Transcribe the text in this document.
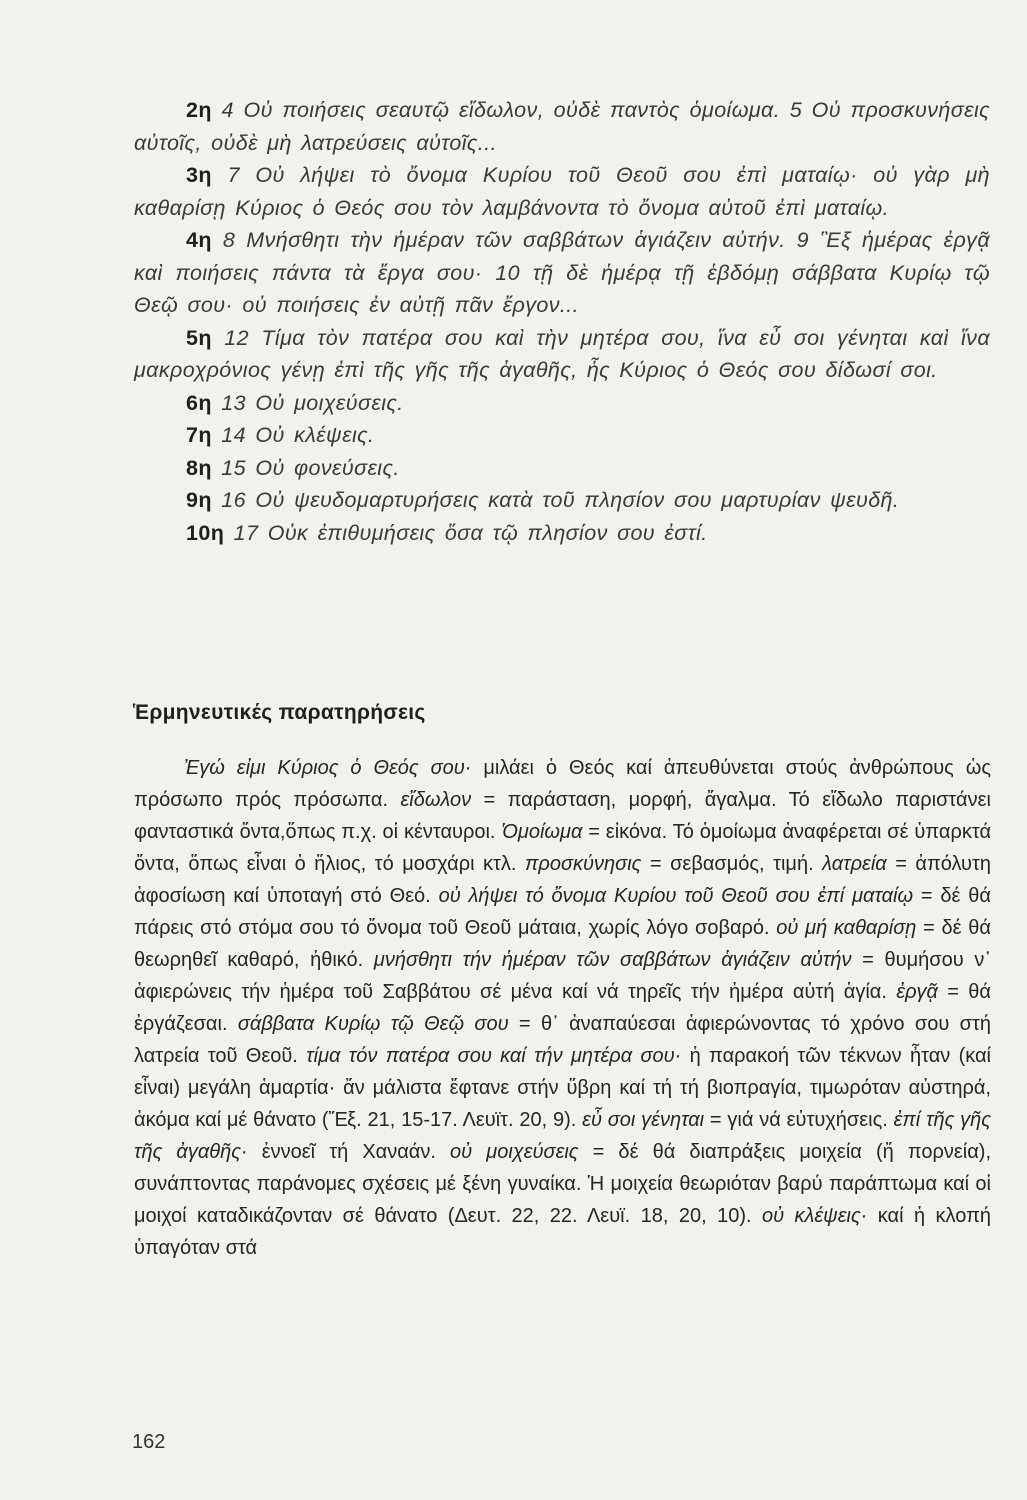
2η 4 Οὐ ποιήσεις σεαυτῷ εἴδωλον, οὐδὲ παντὸς ὁμοίωμα. 5 Οὐ προσκυνήσεις αὐτοῖς, οὐδὲ μὴ λατρεύσεις αὐτοῖς...

3η 7 Οὐ λήψει τὸ ὄνομα Κυρίου τοῦ Θεοῦ σου ἐπὶ ματαίῳ· οὐ γὰρ μὴ καθαρίσῃ Κύριος ὁ Θεός σου τὸν λαμβάνοντα τὸ ὄνομα αὐτοῦ ἐπὶ ματαίῳ.

4η 8 Μνήσθητι τὴν ἡμέραν τῶν σαββάτων ἁγιάζειν αὐτήν. 9 Ἓξ ἡμέρας ἐργᾷ καὶ ποιήσεις πάντα τὰ ἔργα σου· 10 τῇ δὲ ἡμέρᾳ τῇ ἑβδόμῃ σάββατα Κυρίῳ τῷ Θεῷ σου· οὐ ποιήσεις ἐν αὐτῇ πᾶν ἔργον...

5η 12 Τίμα τὸν πατέρα σου καὶ τὴν μητέρα σου, ἵνα εὖ σοι γένηται καὶ ἵνα μακροχρόνιος γένῃ ἐπὶ τῆς γῆς τῆς ἀγαθῆς, ἧς Κύριος ὁ Θεός σου δίδωσί σοι.

6η 13 Οὐ μοιχεύσεις.

7η 14 Οὐ κλέψεις.

8η 15 Οὐ φονεύσεις.

9η 16 Οὐ ψευδομαρτυρήσεις κατὰ τοῦ πλησίον σου μαρτυρίαν ψευδῆ.

10η 17 Οὐκ ἐπιθυμήσεις ὅσα τῷ πλησίον σου ἐστί.

Ἑρμηνευτικές παρατηρήσεις

Ἐγώ εἰμι Κύριος ὁ Θεός σου· μιλάει ὁ Θεός καί ἀπευθύνεται στούς ἀνθρώπους ὡς πρόσωπο πρός πρόσωπα. εἴδωλον = παράσταση, μορφή, ἄγαλμα. Τό εἴδωλο παριστάνει φανταστικά ὄντα,ὅπως π.χ. οἱ κένταυροι. Ὁμοίωμα = εἰκόνα. Τό ὁμοίωμα ἀναφέρεται σέ ὑπαρκτά ὄντα, ὅπως εἶναι ὁ ἥλιος, τό μοσχάρι κτλ. προσκύνησις = σεβασμός, τιμή. λατρεία = ἀπόλυτη ἀφοσίωση καί ὑποταγή στό Θεό. οὐ λήψει τό ὄνομα Κυρίου τοῦ Θεοῦ σου ἐπί ματαίῳ = δέ θά πάρεις στό στόμα σου τό ὄνομα τοῦ Θεοῦ μάταια, χωρίς λόγο σοβαρό. οὐ μή καθαρίσῃ = δέ θά θεωρηθεῖ καθαρό, ἠθικό. μνήσθητι τήν ἡμέραν τῶν σαββάτων ἁγιάζειν αὐτήν = θυμήσου ν᾽ ἀφιερώνεις τήν ἡμέρα τοῦ Σαββάτου σέ μένα καί νά τηρεῖς τήν ἡμέρα αὐτή ἁγία. ἐργᾷ = θά ἐργάζεσαι. σάββατα Κυρίῳ τῷ Θεῷ σου = θ᾽ ἀναπαύεσαι ἀφιερώνοντας τό χρόνο σου στή λατρεία τοῦ Θεοῦ. τίμα τόν πατέρα σου καί τήν μητέρα σου· ἡ παρακοή τῶν τέκνων ἦταν (καί εἶναι) μεγάλη ἁμαρτία· ἄν μάλιστα ἔφτανε στήν ὕβρη καί τή τή βιοπραγία, τιμωρόταν αὐστηρά, ἀκόμα καί μέ θάνατο (Ἔξ. 21, 15-17. Λευϊτ. 20, 9). εὖ σοι γένηται = γιά νά εὐτυχήσεις. ἐπί τῆς γῆς τῆς ἀγαθῆς· ἐννοεῖ τή Χαναάν. οὐ μοιχεύσεις = δέ θά διαπράξεις μοιχεία (ἤ πορνεία), συνάπτοντας παράνομες σχέσεις μέ ξένη γυναίκα. Ἡ μοιχεία θεωριόταν βαρύ παράπτωμα καί οἱ μοιχοί καταδικάζονταν σέ θάνατο (Δευτ. 22, 22. Λευϊ. 18, 20, 10). οὐ κλέψεις· καί ἡ κλοπή ὑπαγόταν στά

162
